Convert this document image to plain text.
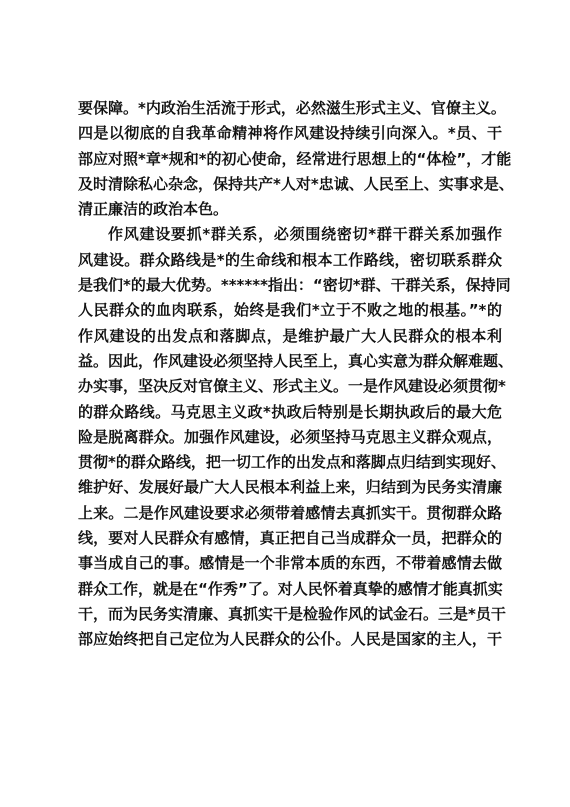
要保障。*内政治生活流于形式，必然滋生形式主义、官僚主义。
四是以彻底的自我革命精神将作风建设持续引向深入。*员、干
部应对照*章*规和*的初心使命，经常进行思想上的“体检”，才能
及时清除私心杂念，保持共产*人对*忠诚、人民至上、实事求是、
清正廉洁的政治本色。
作风建设要抓*群关系，必须围绕密切*群干群关系加强作
风建设。群众路线是*的生命线和根本工作路线，密切联系群众
是我们*的最大优势。******指出：“密切*群、干群关系，保持同
人民群众的血肉联系，始终是我们*立于不败之地的根基。”*的
作风建设的出发点和落脚点，是维护最广大人民群众的根本利
益。因此，作风建设必须坚持人民至上，真心实意为群众解难题、
办实事，坚决反对官僚主义、形式主义。一是作风建设必须贯彻*
的群众路线。马克思主义政*执政后特别是长期执政后的最大危
险是脱离群众。加强作风建设，必须坚持马克思主义群众观点，
贯彻*的群众路线，把一切工作的出发点和落脚点归结到实现好、
维护好、发展好最广大人民根本利益上来，归结到为民务实清廉
上来。二是作风建设要求必须带着感情去真抓实干。贯彻群众路
线，要对人民群众有感情，真正把自己当成群众一员，把群众的
事当成自己的事。感情是一个非常本质的东西，不带着感情去做
群众工作，就是在“作秀”了。对人民怀着真挚的感情才能真抓实
干，而为民务实清廉、真抓实干是检验作风的试金石。三是*员干
部应始终把自己定位为人民群众的公仆。人民是国家的主人，干
